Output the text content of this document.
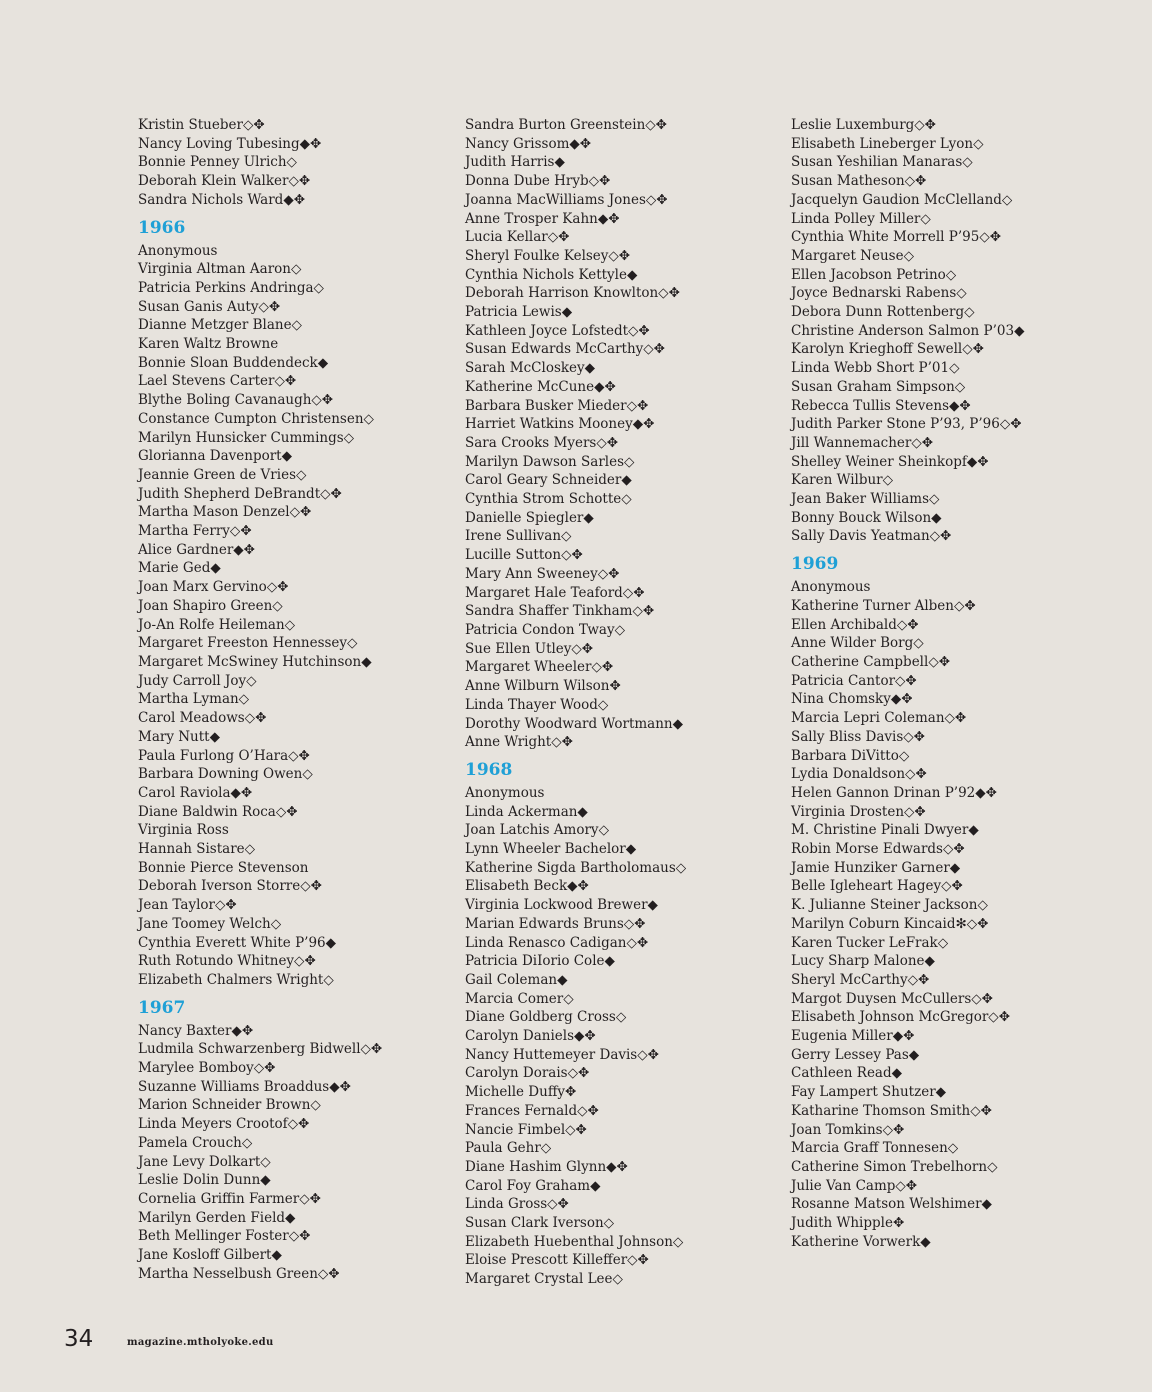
Kristin Stueber◇✥
Nancy Loving Tubesing◆✥
Bonnie Penney Ulrich◇
Deborah Klein Walker◇✥
Sandra Nichols Ward◆✥
1966
Anonymous
Virginia Altman Aaron◇
Patricia Perkins Andringa◇
Susan Ganis Auty◇✥
Dianne Metzger Blane◇
Karen Waltz Browne
Bonnie Sloan Buddendeck◆
Lael Stevens Carter◇✥
Blythe Boling Cavanaugh◇✥
Constance Cumpton Christensen◇
Marilyn Hunsicker Cummings◇
Glorianna Davenport◆
Jeannie Green de Vries◇
Judith Shepherd DeBrandt◇✥
Martha Mason Denzel◇✥
Martha Ferry◇✥
Alice Gardner◆✥
Marie Ged◆
Joan Marx Gervino◇✥
Joan Shapiro Green◇
Jo-An Rolfe Heileman◇
Margaret Freeston Hennessey◇
Margaret McSwiney Hutchinson◆
Judy Carroll Joy◇
Martha Lyman◇
Carol Meadows◇✥
Mary Nutt◆
Paula Furlong O’Hara◇✥
Barbara Downing Owen◇
Carol Raviola◆✥
Diane Baldwin Roca◇✥
Virginia Ross
Hannah Sistare◇
Bonnie Pierce Stevenson
Deborah Iverson Storre◇✥
Jean Taylor◇✥
Jane Toomey Welch◇
Cynthia Everett White P’96◆
Ruth Rotundo Whitney◇✥
Elizabeth Chalmers Wright◇
1967
Nancy Baxter◆✥
Ludmila Schwarzenberg Bidwell◇✥
Marylee Bomboy◇✥
Suzanne Williams Broaddus◆✥
Marion Schneider Brown◇
Linda Meyers Crootof◇✥
Pamela Crouch◇
Jane Levy Dolkart◇
Leslie Dolin Dunn◆
Cornelia Griffin Farmer◇✥
Marilyn Gerden Field◆
Beth Mellinger Foster◇✥
Jane Kosloff Gilbert◆
Martha Nesselbush Green◇✥
Sandra Burton Greenstein◇✥
Nancy Grissom◆✥
Judith Harris◆
Donna Dube Hryb◇✥
Joanna MacWilliams Jones◇✥
Anne Trosper Kahn◆✥
Lucia Kellar◇✥
Sheryl Foulke Kelsey◇✥
Cynthia Nichols Kettyle◆
Deborah Harrison Knowlton◇✥
Patricia Lewis◆
Kathleen Joyce Lofstedt◇✥
Susan Edwards McCarthy◇✥
Sarah McCloskey◆
Katherine McCune◆✥
Barbara Busker Mieder◇✥
Harriet Watkins Mooney◆✥
Sara Crooks Myers◇✥
Marilyn Dawson Sarles◇
Carol Geary Schneider◆
Cynthia Strom Schotte◇
Danielle Spiegler◆
Irene Sullivan◇
Lucille Sutton◇✥
Mary Ann Sweeney◇✥
Margaret Hale Teaford◇✥
Sandra Shaffer Tinkham◇✥
Patricia Condon Tway◇
Sue Ellen Utley◇✥
Margaret Wheeler◇✥
Anne Wilburn Wilson✥
Linda Thayer Wood◇
Dorothy Woodward Wortmann◆
Anne Wright◇✥
1968
Anonymous
Linda Ackerman◆
Joan Latchis Amory◇
Lynn Wheeler Bachelor◆
Katherine Sigda Bartholomaus◇
Elisabeth Beck◆✥
Virginia Lockwood Brewer◆
Marian Edwards Bruns◇✥
Linda Renasco Cadigan◇✥
Patricia DiIorio Cole◆
Gail Coleman◆
Marcia Comer◇
Diane Goldberg Cross◇
Carolyn Daniels◆✥
Nancy Huttemeyer Davis◇✥
Carolyn Dorais◇✥
Michelle Duffy✥
Frances Fernald◇✥
Nancie Fimbel◇✥
Paula Gehr◇
Diane Hashim Glynn◆✥
Carol Foy Graham◆
Linda Gross◇✥
Susan Clark Iverson◇
Elizabeth Huebenthal Johnson◇
Eloise Prescott Killeffer◇✥
Margaret Crystal Lee◇
Leslie Luxemburg◇✥
Elisabeth Lineberger Lyon◇
Susan Yeshilian Manaras◇
Susan Matheson◇✥
Jacquelyn Gaudion McClelland◇
Linda Polley Miller◇
Cynthia White Morrell P’95◇✥
Margaret Neuse◇
Ellen Jacobson Petrino◇
Joyce Bednarski Rabens◇
Debora Dunn Rottenberg◇
Christine Anderson Salmon P’03◆
Karolyn Krieghoff Sewell◇✥
Linda Webb Short P’01◇
Susan Graham Simpson◇
Rebecca Tullis Stevens◆✥
Judith Parker Stone P’93, P’96◇✥
Jill Wannemacher◇✥
Shelley Weiner Sheinkopf◆✥
Karen Wilbur◇
Jean Baker Williams◇
Bonny Bouck Wilson◆
Sally Davis Yeatman◇✥
1969
Anonymous
Katherine Turner Alben◇✥
Ellen Archibald◇✥
Anne Wilder Borg◇
Catherine Campbell◇✥
Patricia Cantor◇✥
Nina Chomsky◆✥
Marcia Lepri Coleman◇✥
Sally Bliss Davis◇✥
Barbara DiVitto◇
Lydia Donaldson◇✥
Helen Gannon Drinan P’92◆✥
Virginia Drosten◇✥
M. Christine Pinali Dwyer◆
Robin Morse Edwards◇✥
Jamie Hunziker Garner◆
Belle Igleheart Hagey◇✥
K. Julianne Steiner Jackson◇
Marilyn Coburn Kincaid✻◇✥
Karen Tucker LeFrak◇
Lucy Sharp Malone◆
Sheryl McCarthy◇✥
Margot Duysen McCullers◇✥
Elisabeth Johnson McGregor◇✥
Eugenia Miller◆✥
Gerry Lessey Pas◆
Cathleen Read◆
Fay Lampert Shutzer◆
Katharine Thomson Smith◇✥
Joan Tomkins◇✥
Marcia Graff Tonnesen◇
Catherine Simon Trebelhorn◇
Julie Van Camp◇✥
Rosanne Matson Welshimer◆
Judith Whipple✥
Katherine Vorwerk◆
34	magazine.mtholyoke.edu
